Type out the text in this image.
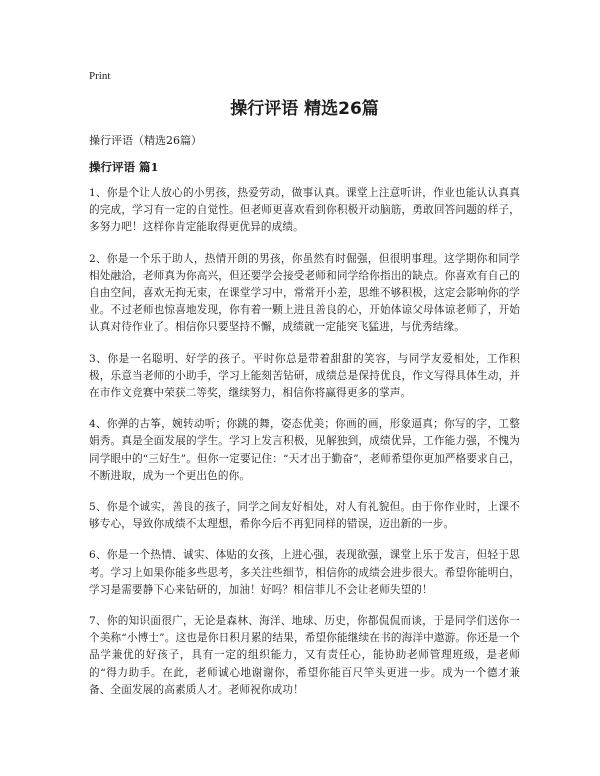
Print
操行评语 精选26篇
操行评语（精选26篇）
操行评语 篇1

1、你是个让人放心的小男孩，热爱劳动，做事认真。课堂上注意听讲，作业也能认认真真的完成，学习有一定的自觉性。但老师更喜欢看到你积极开动脑筋，勇敢回答问题的样子，多努力吧！这样你肯定能取得更优异的成绩。

2、你是一个乐于助人，热情开朗的男孩，你虽然有时倔强，但很明事理。这学期你和同学相处融洽，老师真为你高兴，但还要学会接受老师和同学给你指出的缺点。你喜欢有自己的自由空间，喜欢无拘无束，在课堂学习中，常常开小差，思维不够积极，这定会影响你的学业。不过老师也惊喜地发现，你有着一颗上进且善良的心，开始体谅父母体谅老师了，开始认真对待作业了。相信你只要坚持不懈，成绩就一定能突飞猛进，与优秀结缘。

3、你是一名聪明、好学的孩子。平时你总是带着甜甜的笑容，与同学友爱相处，工作积极，乐意当老师的小助手，学习上能刻苦钻研，成绩总是保持优良，作文写得具体生动，并在市作文竞赛中荣获二等奖，继续努力，相信你将赢得更多的掌声。

4、你弹的古筝，婉转动听；你跳的舞，姿态优美；你画的画，形象逼真；你写的字，工整娟秀。真是全面发展的学生。学习上发言积极，见解独到，成绩优异，工作能力强，不愧为同学眼中的“三好生”。但你一定要记住：“天才出于勤奋”，老师希望你更加严格要求自己，不断进取，成为一个更出色的你。

5、你是个诚实，善良的孩子，同学之间友好相处，对人有礼貌但。由于你作业时，上课不够专心，导致你成绩不太理想，希你今后不再犯同样的错误，迈出新的一步。

6、你是一个热情、诚实、体贴的女孩，上进心强，表现欲强，课堂上乐于发言，但轻于思考。学习上如果你能多些思考，多关注些细节，相信你的成绩会进步很大。希望你能明白，学习是需要静下心来钻研的，加油！好吗？相信菲儿不会让老师失望的！

7、你的知识面很广，无论是森林、海洋、地球、历史，你都侃侃而谈，于是同学们送你一个美称“小博士”。这也是你日积月累的结果，希望你能继续在书的海洋中遨游。你还是一个品学兼优的好孩子，具有一定的组织能力，又有责任心，能协助老师管理班级，是老师的“得力助手。在此，老师诚心地谢谢你，希望你能百尺竿头更进一步。成为一个德才兼备、全面发展的高素质人才。老师祝你成功！
